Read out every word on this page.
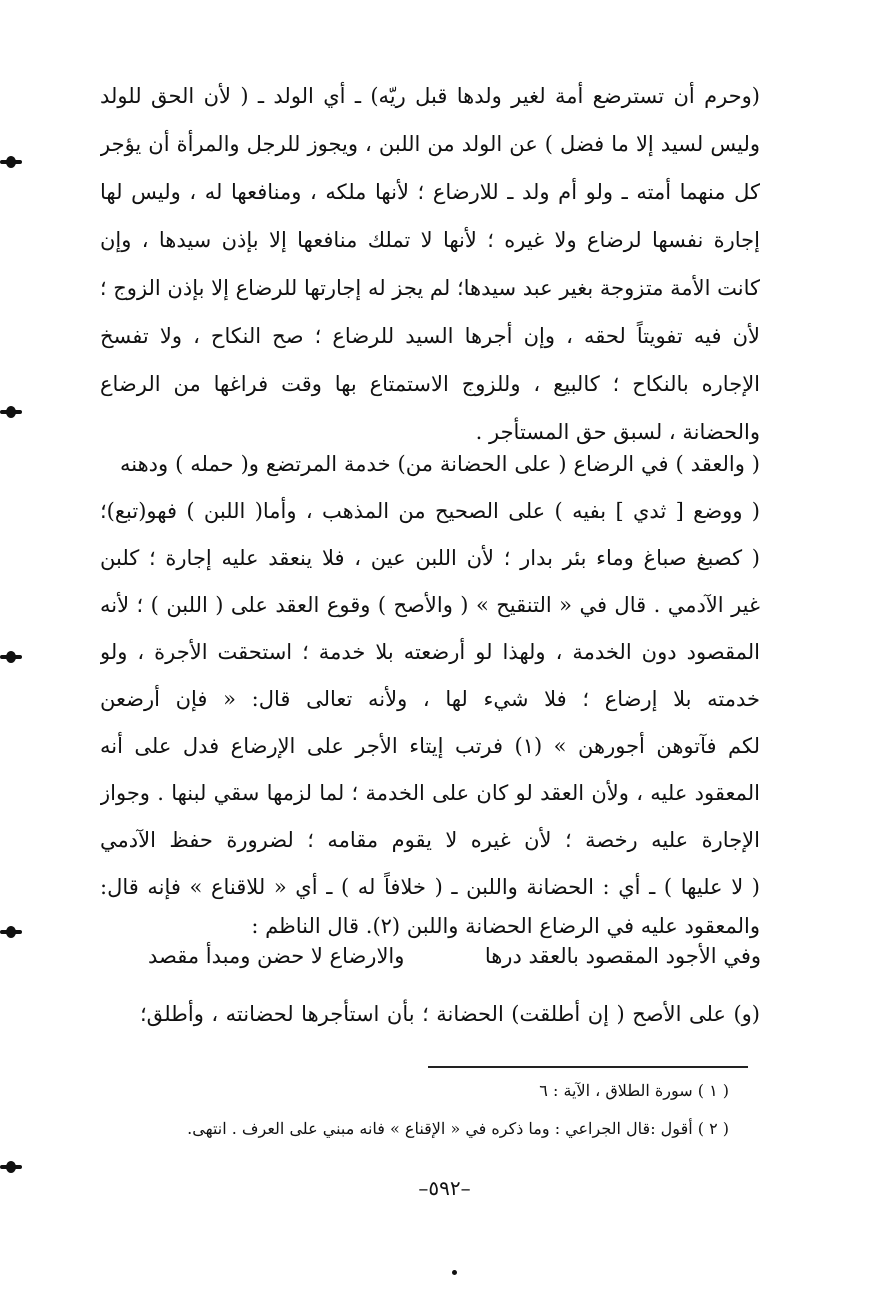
(وحرم أن تسترضع أمة لغير ولدها قبل ريّه) ـ أي الولد ـ ( لأن الحق للولد
وليس لسيد إلا ما فضل ) عن الولد من اللبن ، ويجوز للرجل والمرأة أن يؤجر
كل منهما أمته ـ ولو أم ولد ـ للارضاع ؛ لأنها ملكه ، ومنافعها له ، وليس لها
إجارة نفسها لرضاع ولا غيره ؛ لأنها لا تملك منافعها إلا بإذن سيدها ، وإن
كانت الأمة متزوجة بغير عبد سيدها؛ لم يجز له إجارتها للرضاع إلا بإذن الزوج ؛
لأن فيه تفويتاً لحقه ، وإن أجرها السيد للرضاع ؛ صح النكاح ، ولا تفسخ
الإجاره بالنكاح ؛ كالبيع ، وللزوج الاستمتاع بها وقت فراغها من الرضاع
والحضانة ، لسبق حق المستأجر .
( والعقد ) في الرضاع ( على الحضانة من) خدمة المرتضع و( حمله ) ودهنه
( ووضع [ ثدي ] بفيه ) على الصحيح من المذهب ، وأما( اللبن ) فهو(تبع)؛
( كصبغ صباغ وماء بئر بدار ؛ لأن اللبن عين ، فلا ينعقد عليه إجارة ؛ كلبن
غير الآدمي . قال في « التنقيح » ( والأصح ) وقوع العقد على ( اللبن ) ؛ لأنه
المقصود دون الخدمة ، ولهذا لو أرضعته بلا خدمة ؛ استحقت الأجرة ، ولو
خدمته بلا إرضاع ؛ فلا شيء لها ، ولأنه تعالى قال: « فإن أرضعن
لكم فآتوهن أجورهن » (١) فرتب إيتاء الأجر على الإرضاع فدل على أنه
المعقود عليه ، ولأن العقد لو كان على الخدمة ؛ لما لزمها سقي لبنها . وجواز
الإجارة عليه رخصة ؛ لأن غيره لا يقوم مقامه ؛ لضرورة حفظ الآدمي
( لا عليها ) ـ أي : الحضانة واللبن ـ ( خلافاً له ) ـ أي « للاقناع » فإنه قال:
والمعقود عليه في الرضاع الحضانة واللبن (٢). قال الناظم :
وفي الأجود المقصود بالعقد درها
والارضاع لا حضن ومبدأ مقصد
(و) على الأصح ( إن أطلقت) الحضانة ؛ بأن استأجرها لحضانته ، وأطلق؛
( ١ ) سورة الطلاق ، الآية : ٦
( ٢ ) أقول :قال الجراعي : وما ذكره في « الإقناع » فانه مبني على العرف . انتهى.
–٥٩٢–
